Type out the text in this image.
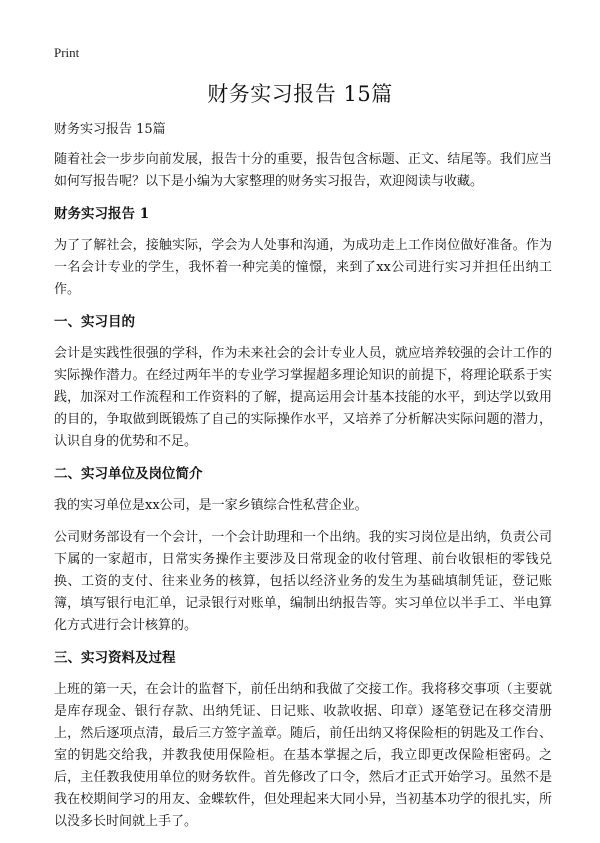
Print
财务实习报告 15篇

财务实习报告 15篇

随着社会一步步向前发展，报告十分的重要，报告包含标题、正文、结尾等。我们应当如何写报告呢？以下是小编为大家整理的财务实习报告，欢迎阅读与收藏。

财务实习报告 1

为了了解社会，接触实际，学会为人处事和沟通，为成功走上工作岗位做好准备。作为一名会计专业的学生，我怀着一种完美的憧憬，来到了xx公司进行实习并担任出纳工作。

一、实习目的

会计是实践性很强的学科，作为未来社会的会计专业人员，就应培养较强的会计工作的实际操作潜力。在经过两年半的专业学习掌握超多理论知识的前提下，将理论联系于实践，加深对工作流程和工作资料的了解，提高运用会计基本技能的水平，到达学以致用的目的，争取做到既锻炼了自己的实际操作水平，又培养了分析解决实际问题的潜力，认识自身的优势和不足。

二、实习单位及岗位简介

我的实习单位是xx公司，是一家乡镇综合性私营企业。

公司财务部设有一个会计，一个会计助理和一个出纳。我的实习岗位是出纳，负责公司下属的一家超市，日常实务操作主要涉及日常现金的收付管理、前台收银柜的零钱兑换、工资的支付、往来业务的核算，包括以经济业务的发生为基础填制凭证，登记账簿，填写银行电汇单，记录银行对账单，编制出纳报告等。实习单位以半手工、半电算化方式进行会计核算的。

三、实习资料及过程

上班的第一天，在会计的监督下，前任出纳和我做了交接工作。我将移交事项（主要就是库存现金、银行存款、出纳凭证、日记账、收款收据、印章）逐笔登记在移交清册上，然后逐项点清，最后三方签字盖章。随后，前任出纳又将保险柜的钥匙及工作台、室的钥匙交给我，并教我使用保险柜。在基本掌握之后，我立即更改保险柜密码。之后，主任教我使用单位的财务软件。首先修改了口令，然后才正式开始学习。虽然不是我在校期间学习的用友、金蝶软件，但处理起来大同小异，当初基本功学的很扎实，所以没多长时间就上手了。
